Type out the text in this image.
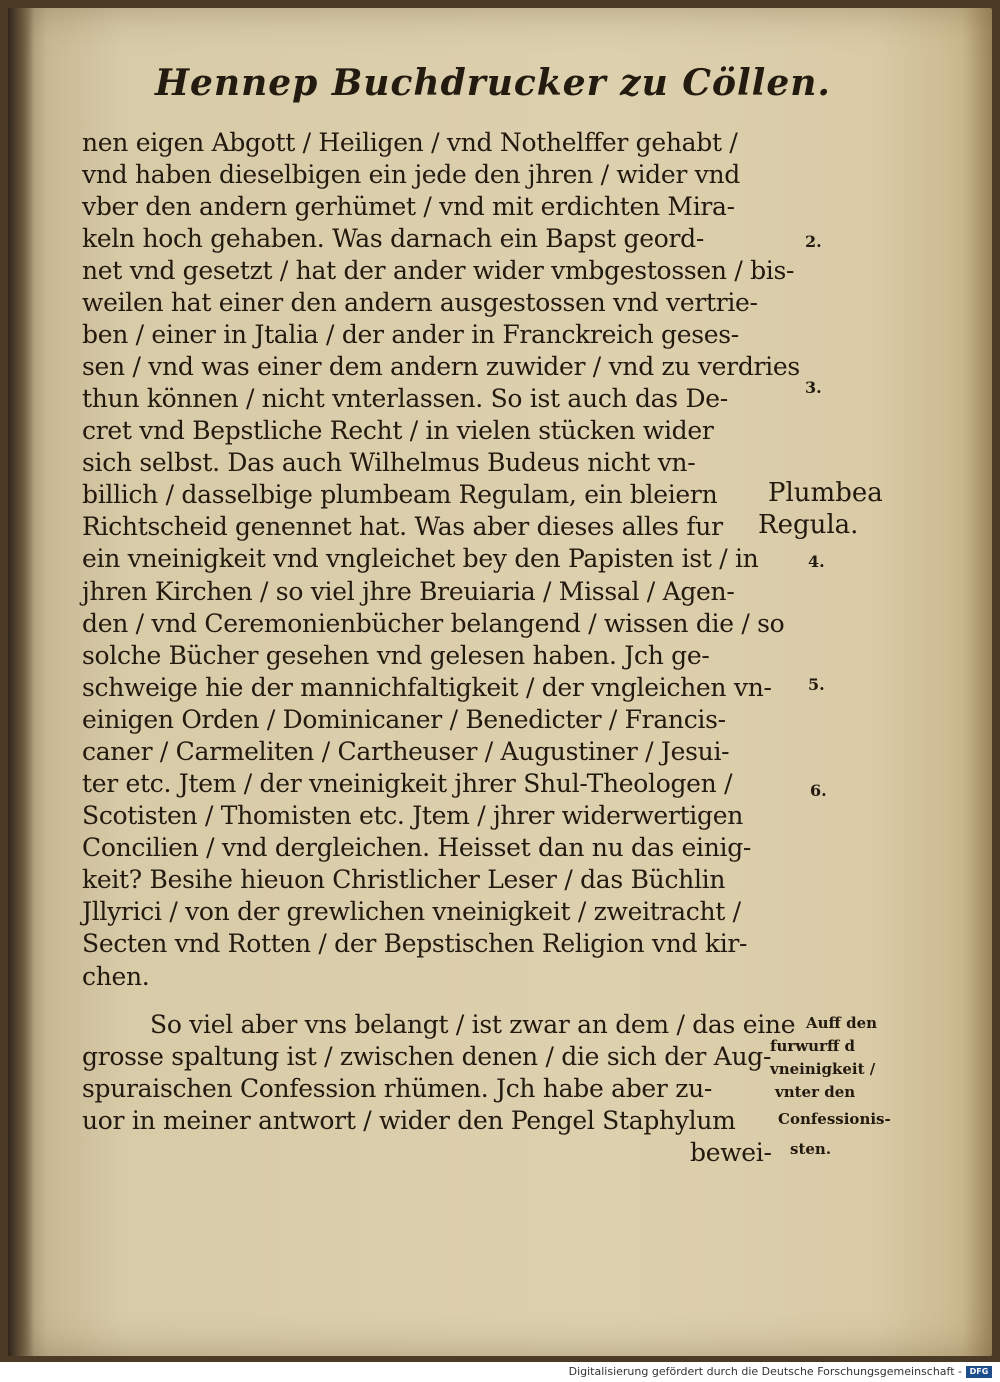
Hennep Buchdrucker zu Cöllen.
nen eigen Abgott / Heiligen / vnd Nothelffer gehabt /
vnd haben dieselbigen ein jede den jhren / wider vnd
vber den andern gerhümet / vnd mit erdichten Mira-
keln hoch gehaben. Was darnach ein Bapst geord-
net vnd gesetzt / hat der ander wider vmbgestossen / bis-
weilen hat einer den andern ausgestossen vnd vertrie-
ben / einer in Jtalia / der ander in Franckreich geses-
sen / vnd was einer dem andern zuwider / vnd zu verdries
thun können / nicht vnterlassen. So ist auch das De-
cret vnd Bepstliche Recht / in vielen stücken wider
sich selbst. Das auch Wilhelmus Budeus nicht vn-
billich / dasselbige plumbeam Regulam, ein bleiern
Richtscheid genennet hat. Was aber dieses alles fur
ein vneinigkeit vnd vngleichet bey den Papisten ist / in
jhren Kirchen / so viel jhre Breuiaria / Missal / Agen-
den / vnd Ceremonienbücher belangend / wissen die / so
solche Bücher gesehen vnd gelesen haben. Jch ge-
schweige hie der mannichfaltigkeit / der vngleichen vn-
einigen Orden / Dominicaner / Benedicter / Francis-
caner / Carmeliten / Cartheuser / Augustiner / Jesui-
ter etc. Jtem / der vneinigkeit jhrer Shul-Theologen /
Scotisten / Thomisten etc. Jtem / jhrer widerwertigen
Concilien / vnd dergleichen. Heisset dan nu das einig-
keit? Besihe hieuon Christlicher Leser / das Büchlin
Jllyrici / von der grewlichen vneinigkeit / zweitracht /
Secten vnd Rotten / der Bepstischen Religion vnd kir-
chen.
So viel aber vns belangt / ist zwar an dem / das eine
grosse spaltung ist / zwischen denen / die sich der Aug-
spuraischen Confession rhümen. Jch habe aber zu-
uor in meiner antwort / wider den Pengel Staphylum
bewei-
2.
3.
Plumbea
Regula.
4.
5.
6.
Auff den
furwurff d
vneinigkeit /
vnter den
Confessionis-
sten.
Digitalisierung gefördert durch die Deutsche Forschungsgemeinschaft - DFG
